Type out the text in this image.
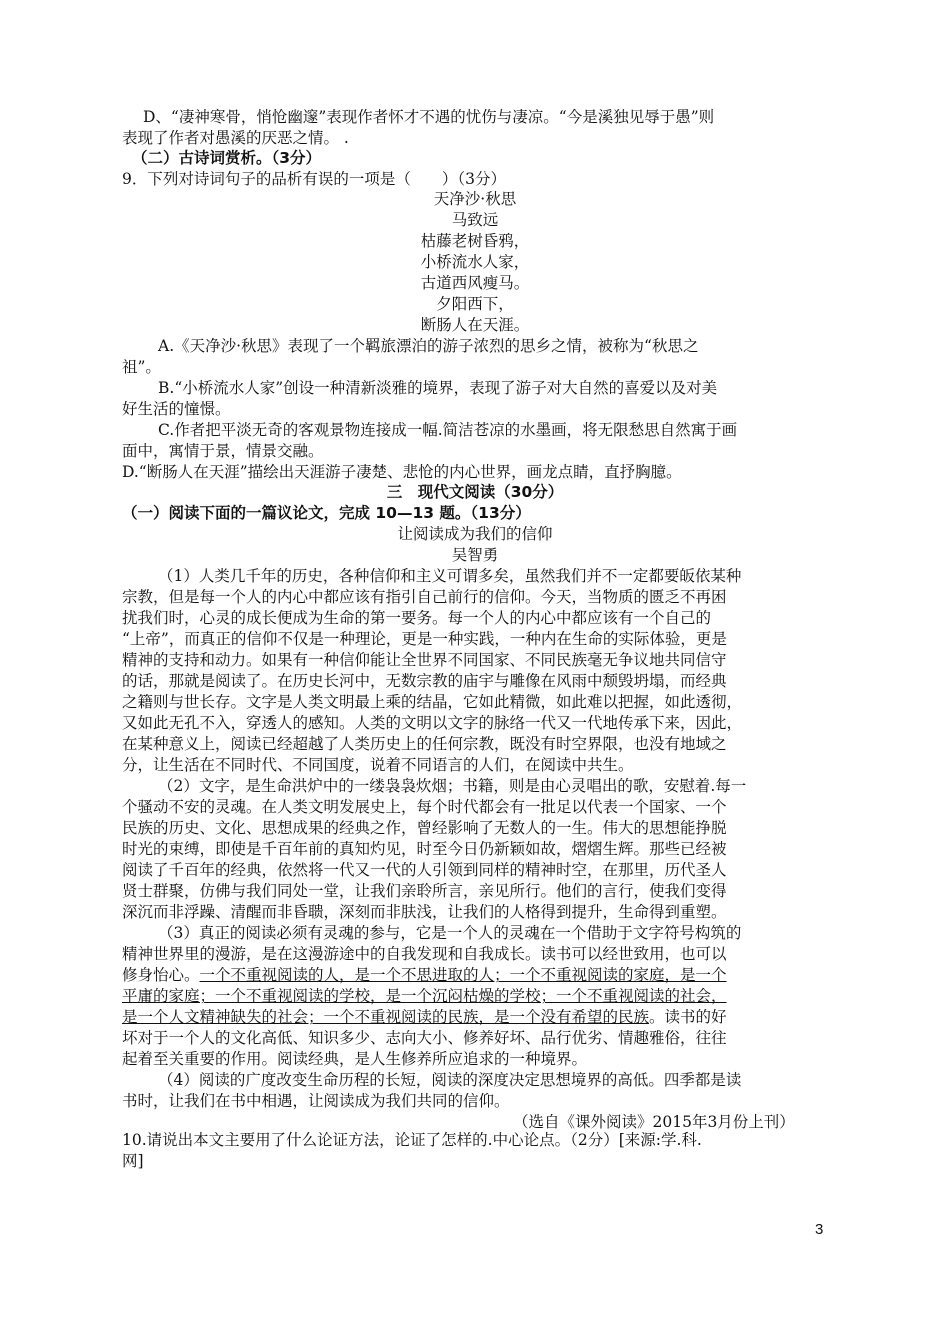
D、“凄神寒骨，悄怆幽邃”表现作者怀才不遇的忧伤与凄凉。“今是溪独见辱于愚”则
表现了作者对愚溪的厌恶之情。 .
（二）古诗词赏析。（3分）
9．下列对诗词句子的品析有误的一项是（　　）（3分）
天净沙·秋思
马致远
枯藤老树昏鸦，
小桥流水人家，
古道西风瘦马。
夕阳西下，
断肠人在天涯。
A.《天净沙·秋思》表现了一个羁旅漂泊的游子浓烈的思乡之情，被称为“秋思之
祖”。
B.“小桥流水人家”创设一种清新淡雅的境界，表现了游子对大自然的喜爱以及对美
好生活的憧憬。
C.作者把平淡无奇的客观景物连接成一幅.简洁苍凉的水墨画，将无限愁思自然寓于画
面中，寓情于景，情景交融。
D.“断肠人在天涯”描绘出天涯游子凄楚、悲怆的内心世界，画龙点睛，直抒胸臆。
三　现代文阅读（30分）
（一）阅读下面的一篇议论文，完成 10—13 题。（13分）
让阅读成为我们的信仰
吴智勇
（1）人类几千年的历史，各种信仰和主义可谓多矣，虽然我们并不一定都要皈依某种
宗教，但是每一个人的内心中都应该有指引自己前行的信仰。今天，当物质的匮乏不再困
扰我们时，心灵的成长便成为生命的第一要务。每一个人的内心中都应该有一个自己的
“上帝”，而真正的信仰不仅是一种理论，更是一种实践，一种内在生命的实际体验，更是
精神的支持和动力。如果有一种信仰能让全世界不同国家、不同民族毫无争议地共同信守
的话，那就是阅读了。在历史长河中，无数宗教的庙宇与雕像在风雨中颓毁坍塌，而经典
之籍则与世长存。文字是人类文明最上乘的结晶，它如此精微，如此难以把握，如此透彻，
又如此无孔不入，穿透人的感知。人类的文明以文字的脉络一代又一代地传承下来，因此，
在某种意义上，阅读已经超越了人类历史上的任何宗教，既没有时空界限，也没有地域之
分，让生活在不同时代、不同国度，说着不同语言的人们，在阅读中共生。
（2）文字，是生命洪炉中的一缕袅袅炊烟；书籍，则是由心灵唱出的歌，安慰着.每一
个骚动不安的灵魂。在人类文明发展史上，每个时代都会有一批足以代表一个国家、一个
民族的历史、文化、思想成果的经典之作，曾经影响了无数人的一生。伟大的思想能挣脱
时光的束缚，即使是千百年前的真知灼见，时至今日仍新颖如故，熠熠生辉。那些已经被
阅读了千百年的经典，依然将一代又一代的人引领到同样的精神时空，在那里，历代圣人
贤士群聚，仿佛与我们同处一堂，让我们亲聆所言，亲见所行。他们的言行，使我们变得
深沉而非浮躁、清醒而非昏聩，深刻而非肤浅，让我们的人格得到提升，生命得到重塑。
（3）真正的阅读必须有灵魂的参与，它是一个人的灵魂在一个借助于文字符号构筑的
精神世界里的漫游，是在这漫游途中的自我发现和自我成长。读书可以经世致用，也可以
修身怡心。一个不重视阅读的人，是一个不思进取的人；一个不重视阅读的家庭，是一个
平庸的家庭；一个不重视阅读的学校，是一个沉闷枯燥的学校；一个不重视阅读的社会，
是一个人文精神缺失的社会；一个不重视阅读的民族，是一个没有希望的民族。读书的好
坏对于一个人的文化高低、知识多少、志向大小、修养好坏、品行优劣、情趣雅俗，往往
起着至关重要的作用。阅读经典，是人生修养所应追求的一种境界。
（4）阅读的广度改变生命历程的长短，阅读的深度决定思想境界的高低。四季都是读
书时，让我们在书中相遇，让阅读成为我们共同的信仰。
（选自《课外阅读》2015年3月份上刊）
10.请说出本文主要用了什么论证方法，论证了怎样的.中心论点。（2分）[来源:学.科.
网]
3
